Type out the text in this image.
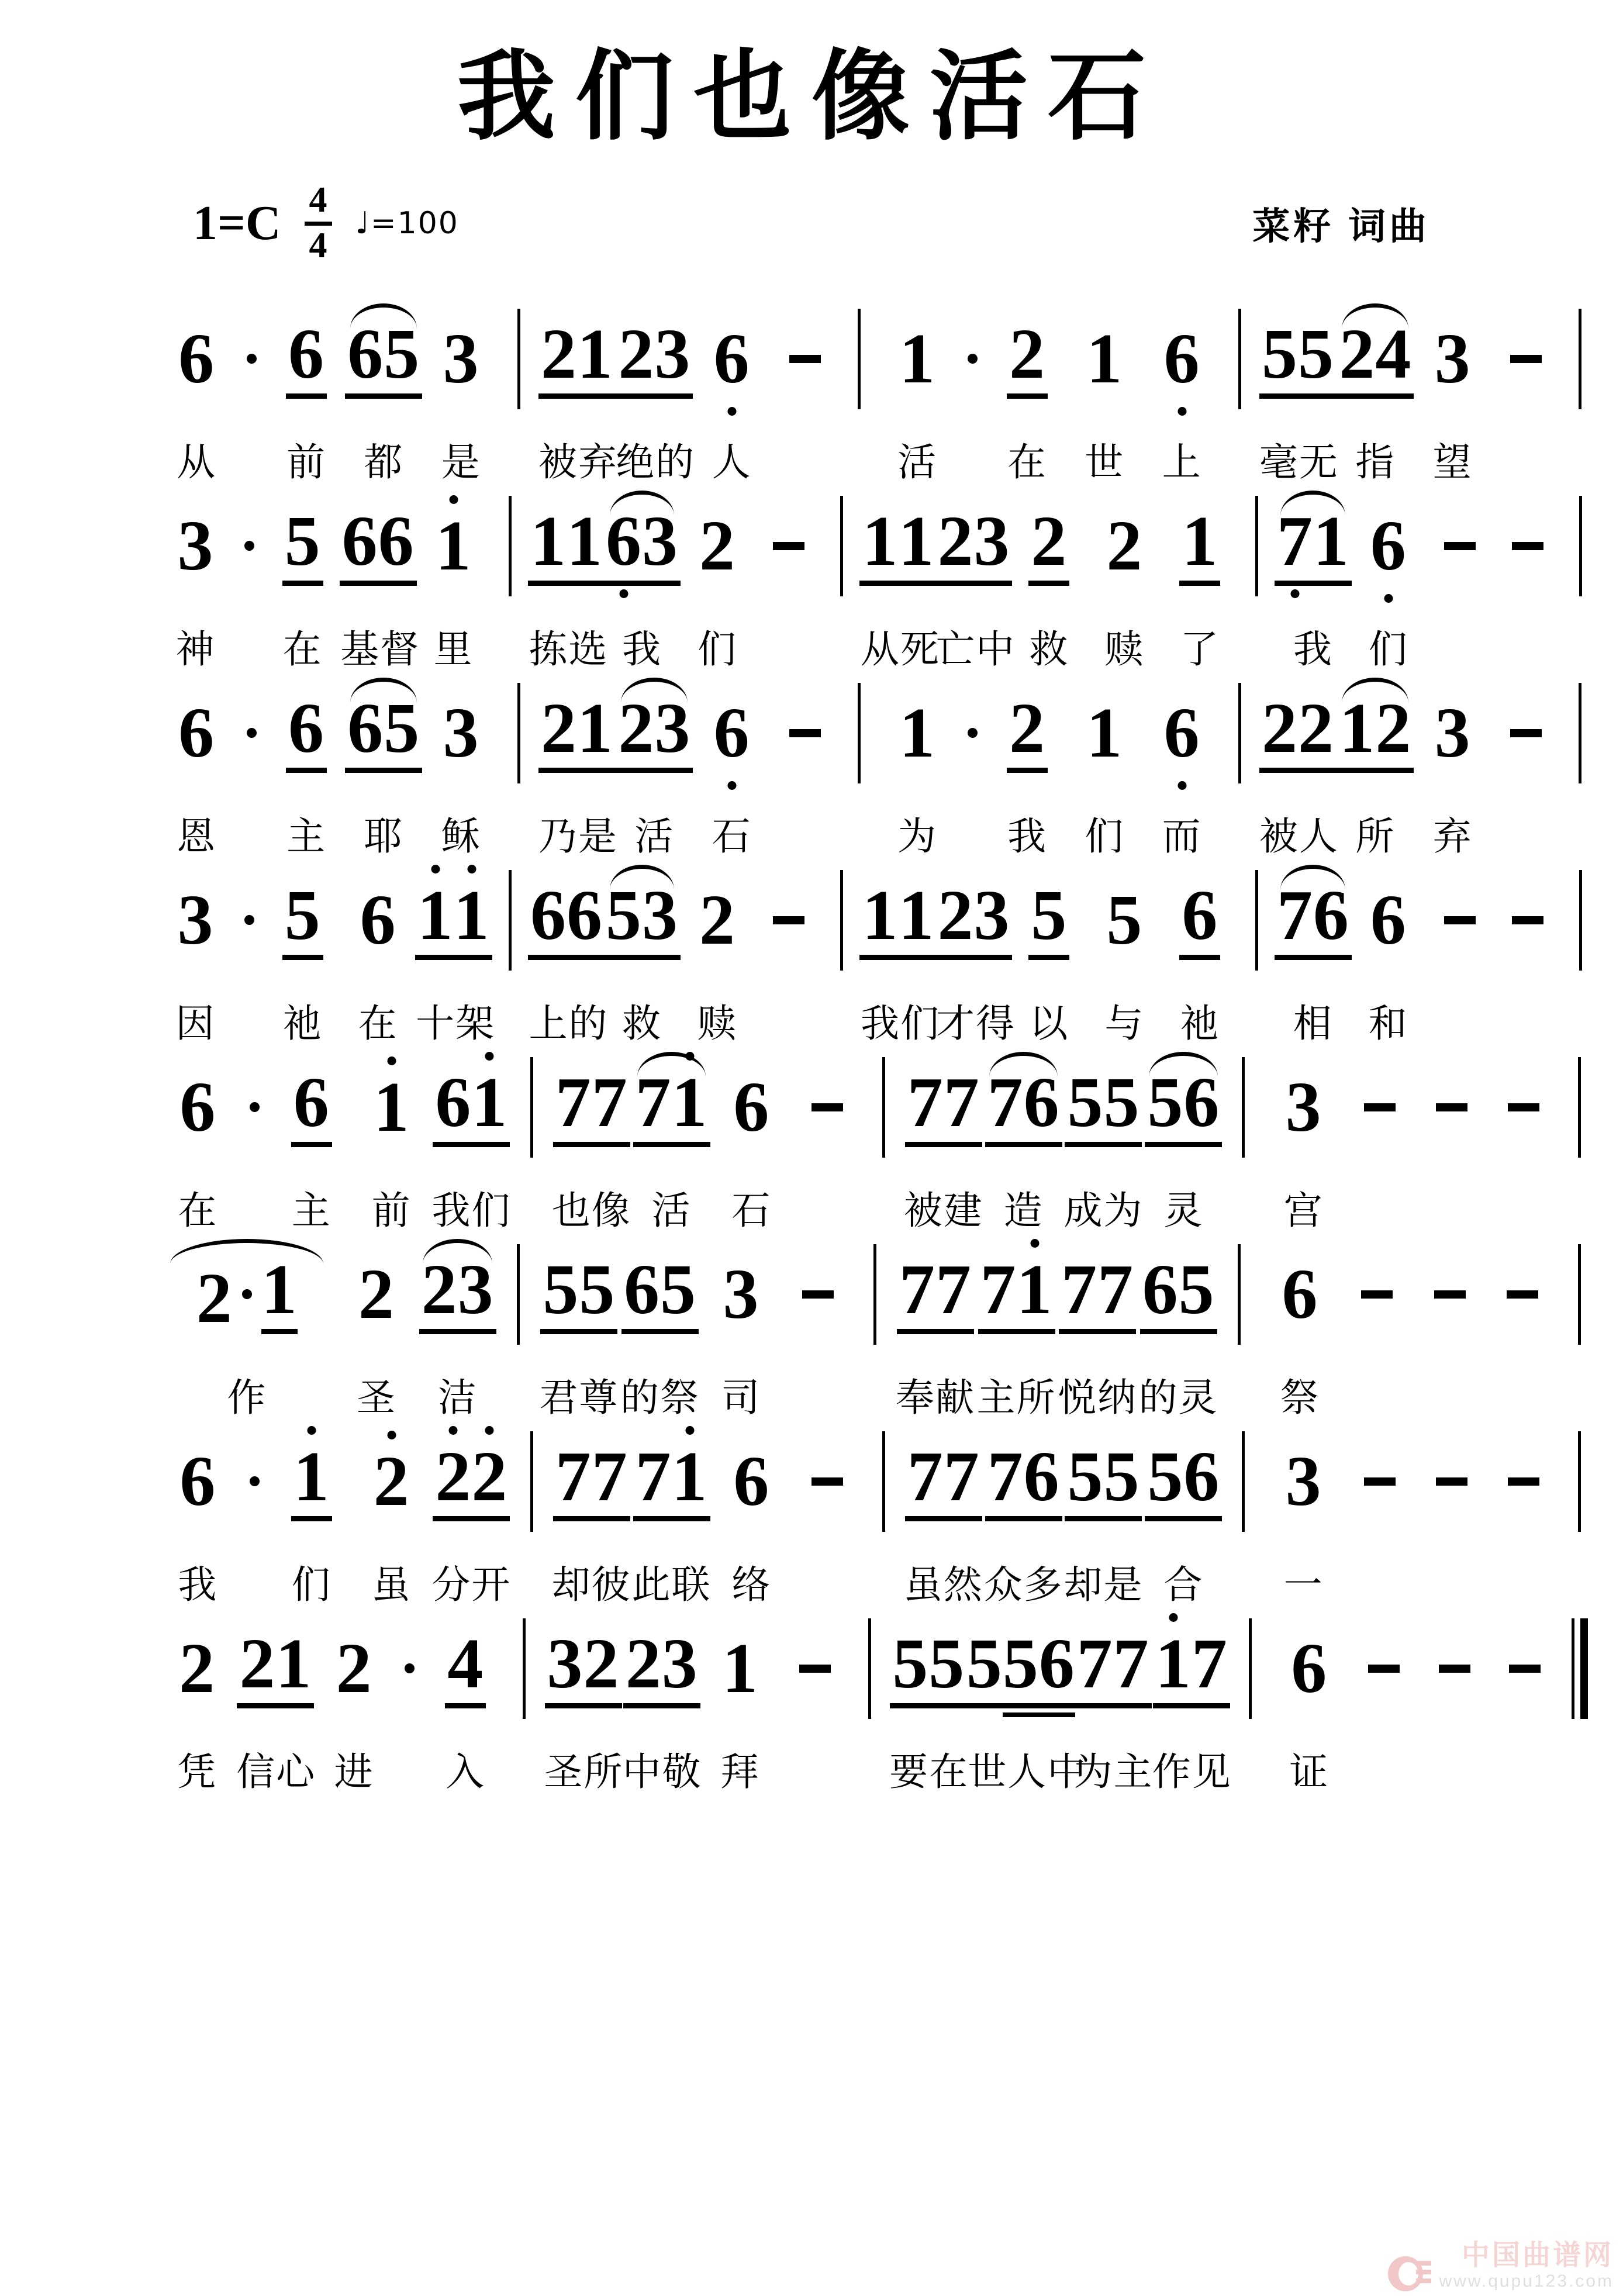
我们也像活石
$1=C \frac{4}{4}$ ♩=100	菜籽 词曲
6
从
6
前
6 5
都
3
是
2 1
被弃
2 3
绝的
6
人
1
活
2
在
1
世
6
上
5 5
毫无
2 4
指
3
望
3
神
5
在
6 6
基督
1
里
1 1
拣选
6 3
我
2
们
1 1
从死
2 3
亡中
2
救
2
赎
1
了
7 1
我
6
们
6
恩
6
主
6 5
耶
3
稣
2 1
乃是
2 3
活
6
石
1
为
2
我
1
们
6
而
2 2
被人
1 2
所
3
弃
3
因
5
祂
6
在
1 1
十架
6 6
上的
5 3
救
2
赎
1 1
我们
2 3
才得
5
以
5
与
6
祂
7 6
相
6
和
6
在
6
主
1
前
6 1
我们
7 7
也像
7 1
活
6
石
7 7
被建
7 6
造
5 5
成为
5 6
灵
3
宫
2 1
作
2
圣
2 3
洁
5 5
君尊
6 5
的祭
3
司
7 7
奉献
7 1
主所
7 7
悦纳
6 5
的灵
6
祭
6
我
1
们
2
虽
2 2
分开
7 7
却彼
7 1
此联
6
络
7 7
虽然
7 6
众多
5 5
却是
5 6
合
3
一
2
凭
2 1
信心
2
进
4
入
3 2
圣所
2 3
中敬
1
拜
5 5
要在
5 5 6
世人中
7 7
为主
1 7
作见
6
证
中国曲谱网
www.qupu123.com
